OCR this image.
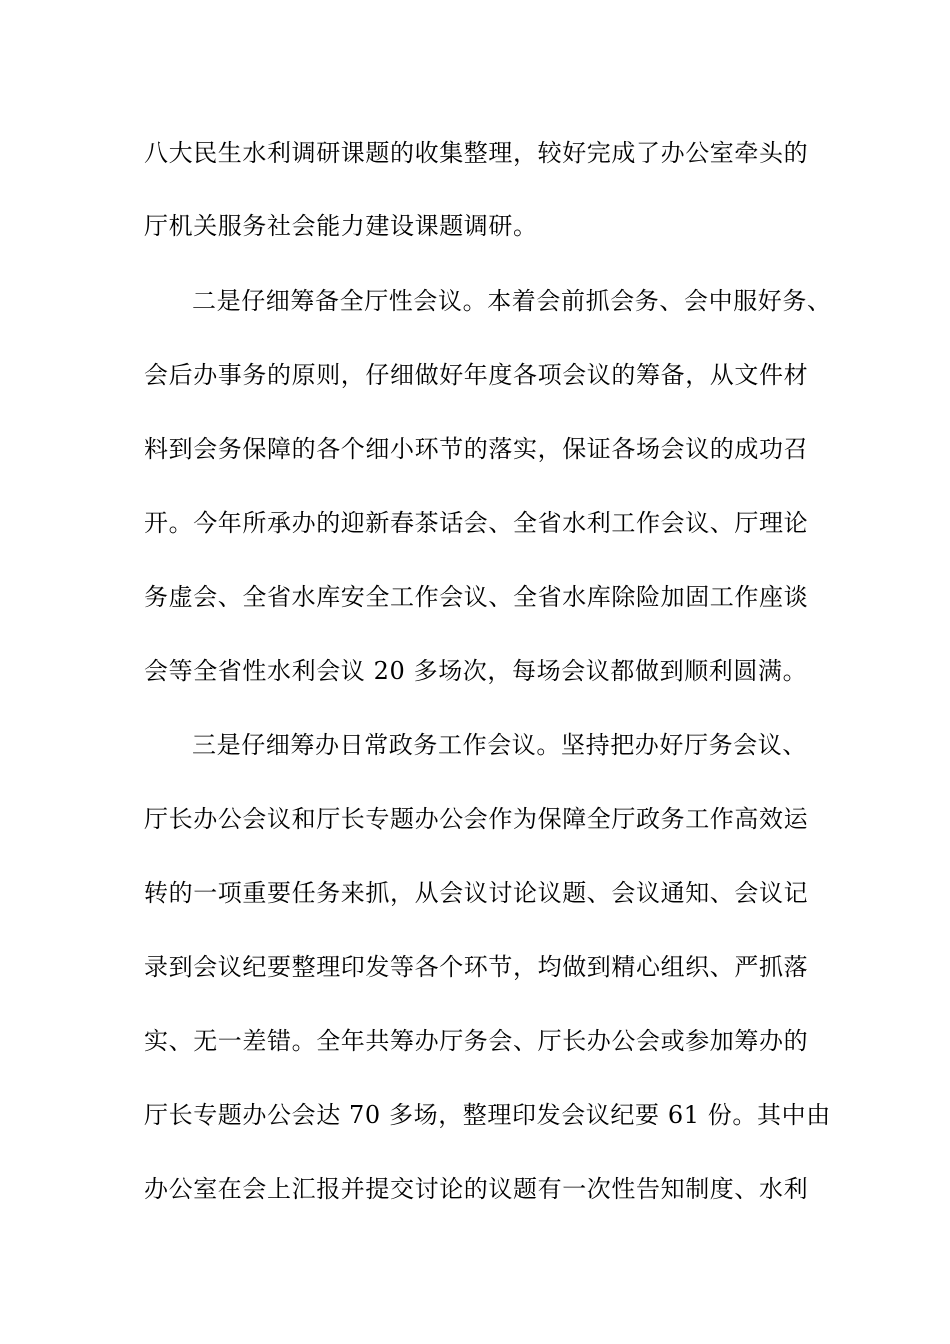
八大民生水利调研课题的收集整理，较好完成了办公室牵头的
厅机关服务社会能力建设课题调研。
二是仔细筹备全厅性会议。本着会前抓会务、会中服好务、
会后办事务的原则，仔细做好年度各项会议的筹备，从文件材
料到会务保障的各个细小环节的落实，保证各场会议的成功召
开。今年所承办的迎新春茶话会、全省水利工作会议、厅理论
务虚会、全省水库安全工作会议、全省水库除险加固工作座谈
会等全省性水利会议 20 多场次，每场会议都做到顺利圆满。
三是仔细筹办日常政务工作会议。坚持把办好厅务会议、
厅长办公会议和厅长专题办公会作为保障全厅政务工作高效运
转的一项重要任务来抓，从会议讨论议题、会议通知、会议记
录到会议纪要整理印发等各个环节，均做到精心组织、严抓落
实、无一差错。全年共筹办厅务会、厅长办公会或参加筹办的
厅长专题办公会达 70 多场，整理印发会议纪要 61 份。其中由
办公室在会上汇报并提交讨论的议题有一次性告知制度、水利
